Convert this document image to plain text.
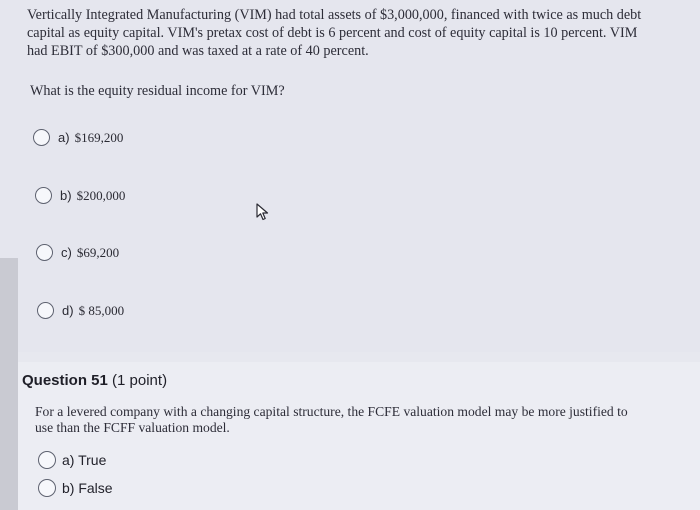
Vertically Integrated Manufacturing (VIM) had total assets of $3,000,000, financed with twice as much debt capital as equity capital. VIM's pretax cost of debt is 6 percent and cost of equity capital is 10 percent. VIM had EBIT of $300,000 and was taxed at a rate of 40 percent.
What is the equity residual income for VIM?
a) $169,200
b) $200,000
c) $69,200
d) $ 85,000
Question 51 (1 point)
For a levered company with a changing capital structure, the FCFE valuation model may be more justified to use than the FCFF valuation model.
a) True
b) False
